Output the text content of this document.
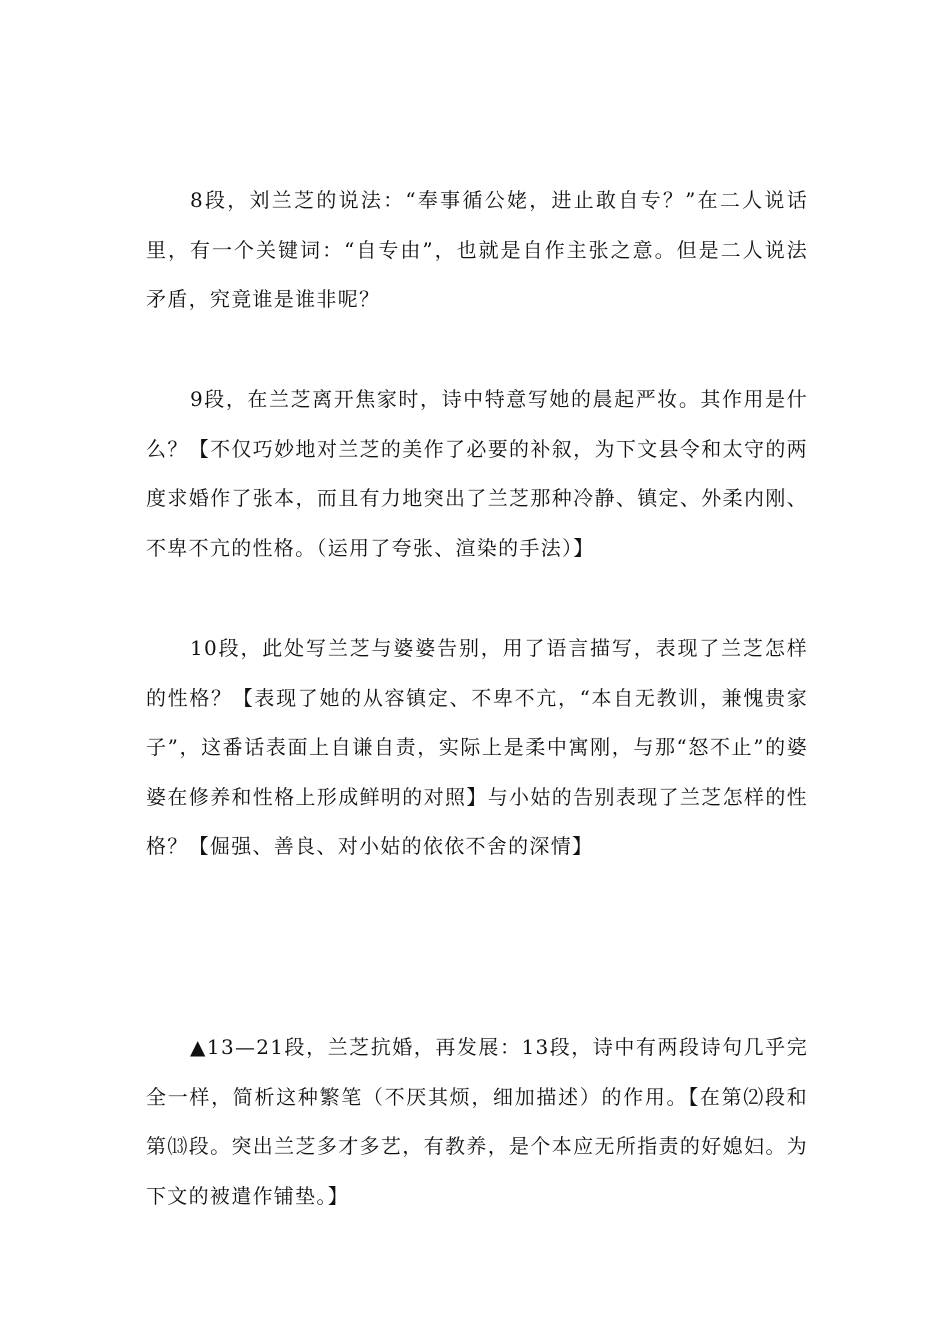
8段，刘兰芝的说法：“奉事循公姥，进止敢自专？”在二人说话里，有一个关键词：“自专由”，也就是自作主张之意。但是二人说法矛盾，究竟谁是谁非呢？

9段，在兰芝离开焦家时，诗中特意写她的晨起严妆。其作用是什么？【不仅巧妙地对兰芝的美作了必要的补叙，为下文县令和太守的两度求婚作了张本，而且有力地突出了兰芝那种冷静、镇定、外柔内刚、不卑不亢的性格。（运用了夸张、渲染的手法）】

10段，此处写兰芝与婆婆告别，用了语言描写，表现了兰芝怎样的性格？【表现了她的从容镇定、不卑不亢，“本自无教训，兼愧贵家子”，这番话表面上自谦自责，实际上是柔中寓刚，与那“怒不止”的婆婆在修养和性格上形成鲜明的对照】与小姑的告别表现了兰芝怎样的性格？【倔强、善良、对小姑的依依不舍的深情】

▲13—21段，兰芝抗婚，再发展：13段，诗中有两段诗句几乎完全一样，简析这种繁笔（不厌其烦，细加描述）的作用。【在第⑵段和第⒀段。突出兰芝多才多艺，有教养，是个本应无所指责的好媳妇。为下文的被遣作铺垫。】
